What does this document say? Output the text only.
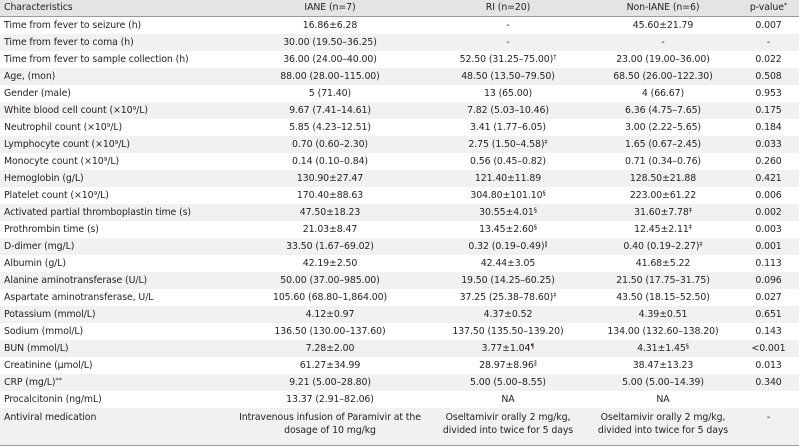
Characteristics	IANE (n=7)	RI (n=20)	Non-IANE (n=6)	p-value*
Time from fever to seizure (h)	16.86±6.28	-	45.60±21.79	0.007
Time from fever to coma (h)	30.00 (19.50–36.25)	-	-	-
Time from fever to sample collection (h)	36.00 (24.00–40.00)	52.50 (31.25–75.00)†	23.00 (19.00–36.00)	0.022
Age, (mon)	88.00 (28.00–115.00)	48.50 (13.50–79.50)	68.50 (26.00–122.30)	0.508
Gender (male)	5 (71.40)	13 (65.00)	4 (66.67)	0.953
White blood cell count (×10⁹/L)	9.67 (7.41–14.61)	7.82 (5.03–10.46)	6.36 (4.75–7.65)	0.175
Neutrophil count (×10⁹/L)	5.85 (4.23–12.51)	3.41 (1.77–6.05)	3.00 (2.22–5.65)	0.184
Lymphocyte count (×10⁹/L)	0.70 (0.60–2.30)	2.75 (1.50–4.58)‡	1.65 (0.67–2.45)	0.033
Monocyte count (×10⁹/L)	0.14 (0.10–0.84)	0.56 (0.45–0.82)	0.71 (0.34–0.76)	0.260
Hemoglobin (g/L)	130.90±27.47	121.40±11.89	128.50±21.88	0.421
Platelet count (×10⁹/L)	170.40±88.63	304.80±101.10§	223.00±61.22	0.006
Activated partial thromboplastin time (s)	47.50±18.23	30.55±4.01§	31.60±7.78‡	0.002
Prothrombin time (s)	21.03±8.47	13.45±2.60§	12.45±2.11‡	0.003
D-dimer (mg/L)	33.50 (1.67–69.02)	0.32 (0.19–0.49)∥	0.40 (0.19–2.27)‡	0.001
Albumin (g/L)	42.19±2.50	42.44±3.05	41.68±5.22	0.113
Alanine aminotransferase (U/L)	50.00 (37.00–985.00)	19.50 (14.25–60.25)	21.50 (17.75–31.75)	0.096
Aspartate aminotransferase, U/L	105.60 (68.80–1,864.00)	37.25 (25.38–78.60)‡	43.50 (18.15–52.50)	0.027
Potassium (mmol/L)	4.12±0.97	4.37±0.52	4.39±0.51	0.651
Sodium (mmol/L)	136.50 (130.00–137.60)	137.50 (135.50–139.20)	134.00 (132.60–138.20)	0.143
BUN (mmol/L)	7.28±2.00	3.77±1.04¶	4.31±1.45§	<0.001
Creatinine (μmol/L)	61.27±34.99	28.97±8.96∥	38.47±13.23	0.013
CRP (mg/L)**	9.21 (5.00–28.80)	5.00 (5.00–8.55)	5.00 (5.00–14.39)	0.340
Procalcitonin (ng/mL)	13.37 (2.91–82.06)	NA	NA	
Antiviral medication	Intravenous infusion of Paramivir at the dosage of 10 mg/kg	Oseltamivir orally 2 mg/kg, divided into twice for 5 days	Oseltamivir orally 2 mg/kg, divided into twice for 5 days	-
